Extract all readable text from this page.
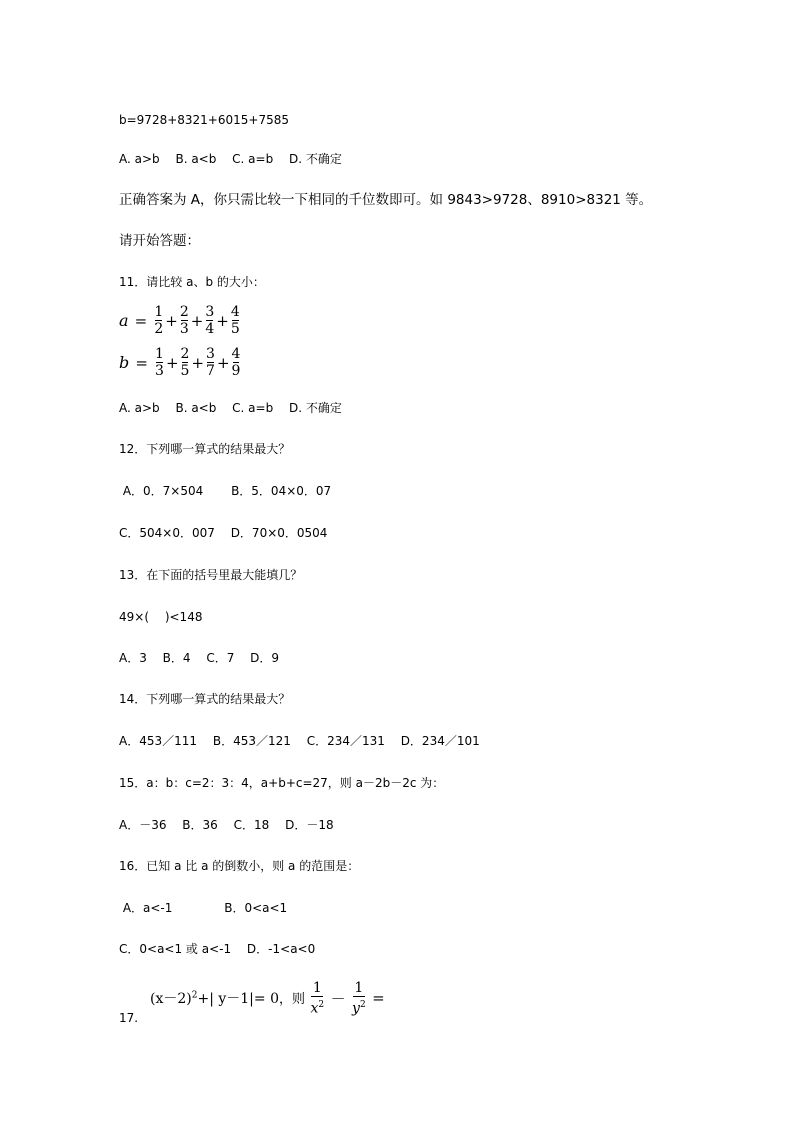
b=9728+8321+6015+7585
A. a>b　 B. a<b　 C. a=b　 D. 不确定
正确答案为 A，你只需比较一下相同的千位数即可。如 9843>9728、8910>8321 等。
请开始答题：
11．请比较 a、b 的大小：
$a = \frac{1}{2} + \frac{2}{3} + \frac{3}{4} + \frac{4}{5}$
$b = \frac{1}{3} + \frac{2}{5} + \frac{3}{7} + \frac{4}{9}$
A. a>b　 B. a<b　 C. a=b　 D. 不确定
12．下列哪一算式的结果最大？
A．0．7×504　　 B．5．04×0．07
C．504×0．007　 D．70×0．0504
13．在下面的括号里最大能填几？
49×(　 )<148
A．3　 B．4　 C．7　 D．9
14．下列哪一算式的结果最大？
A．453／111　 B．453／121　 C．234／131　 D．234／101
15．a：b：c=2：3：4，a+b+c=27，则 a－2b－2c 为：
A．－36　 B．36　 C．18　 D．－18
16．已知 a 比 a 的倒数小，则 a 的范围是：
A．a<-1　　　　 B．0<a<1
C．0<a<1 或 a<-1　 D．-1<a<0
17.
$(x-2)^2+|$ y－1|= 0，则 $\frac{1}{x^2} - \frac{1}{y^2}$ =
